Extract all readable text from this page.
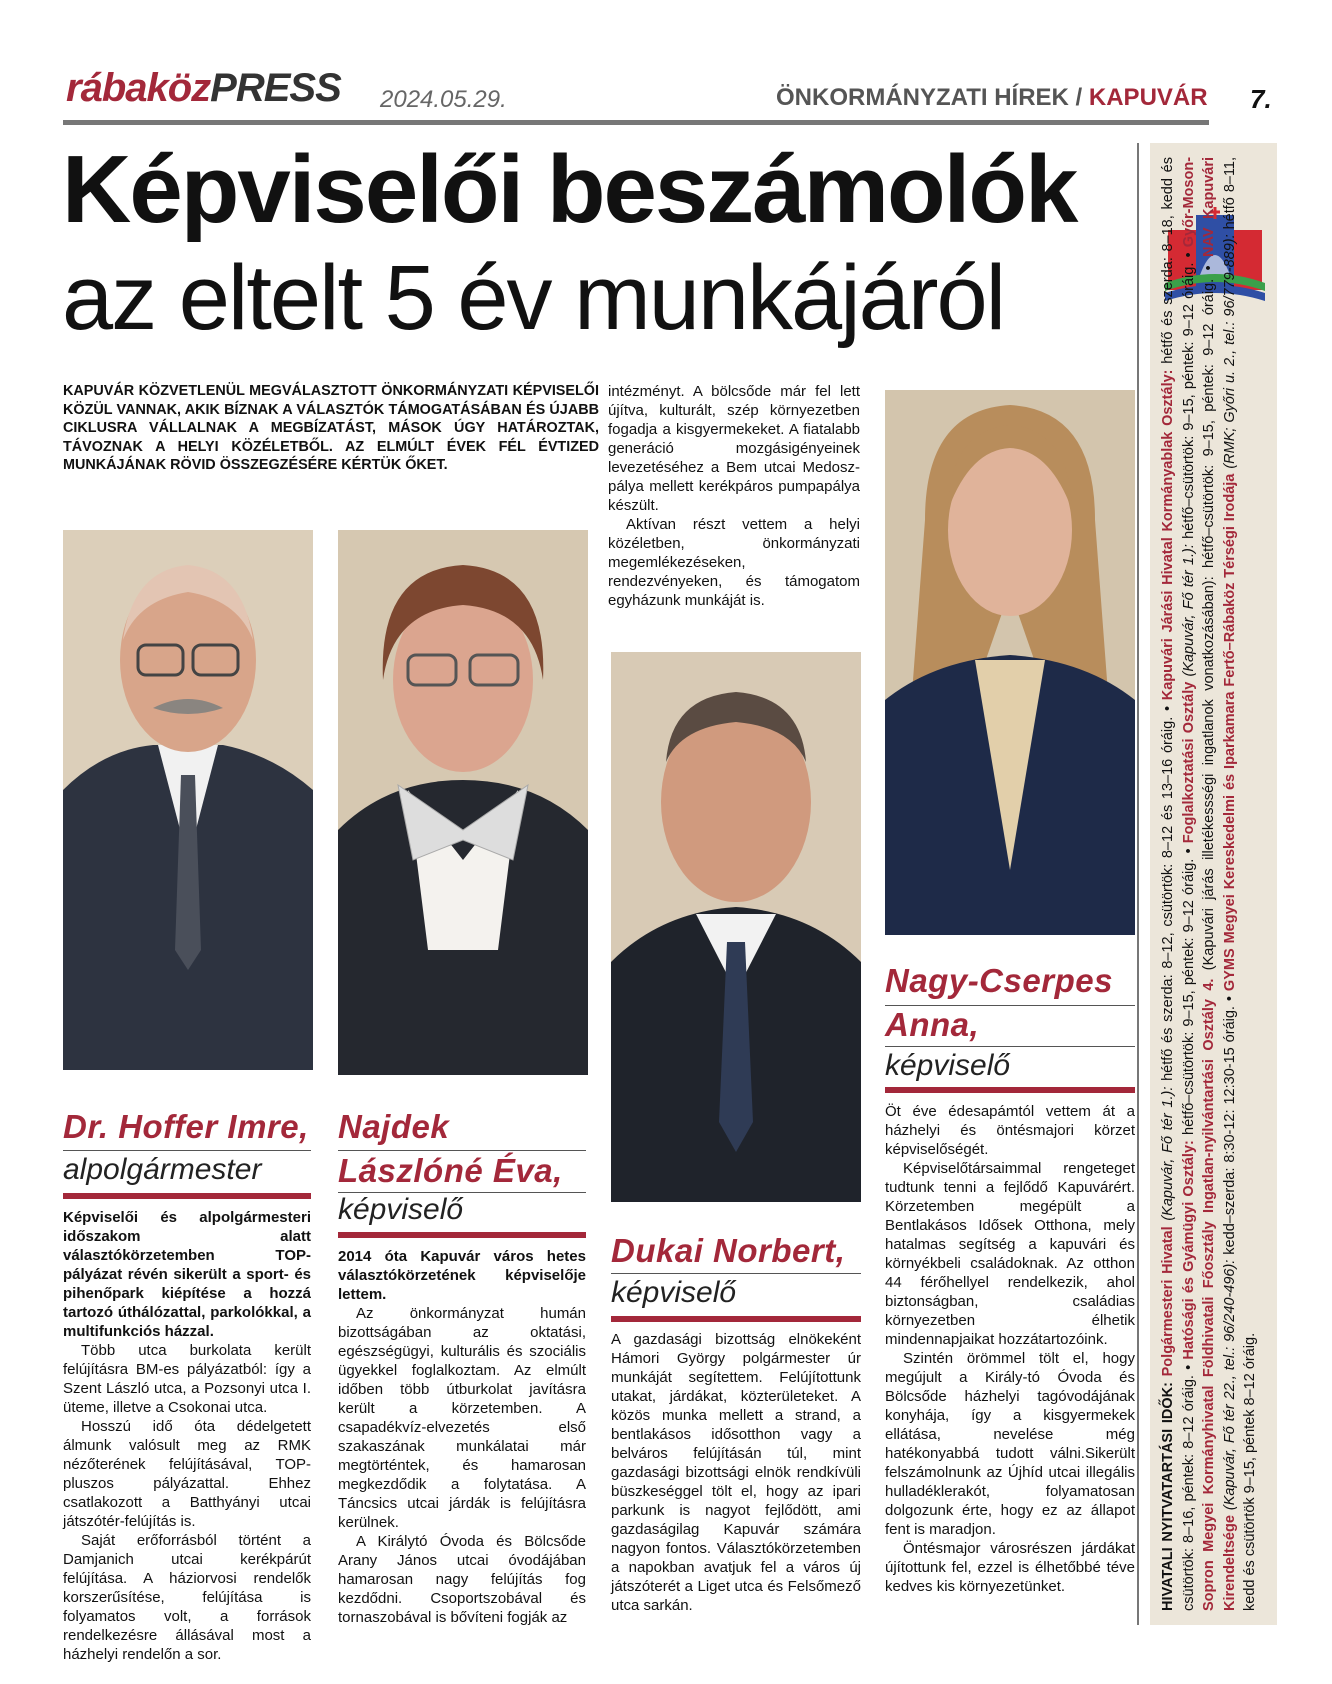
rábaközPRESS 2024.05.29.	ÖNKORMÁNYZATI HÍREK / KAPUVÁR 7.
Képviselői beszámolók
az eltelt 5 év munkájáról
KAPUVÁR KÖZVETLENÜL MEGVÁLASZTOTT ÖNKORMÁNYZATI KÉPVISELŐI KÖZÜL VANNAK, AKIK BÍZNAK A VÁLASZTÓK TÁMOGATÁSÁBAN ÉS ÚJABB CIKLUSRA VÁLLALNAK A MEGBÍZATÁST, MÁSOK ÚGY HATÁROZTAK, TÁVOZNAK A HELYI KÖZÉLETBŐL. AZ ELMÚLT ÉVEK FÉL ÉVTIZED MUNKÁJÁNAK RÖVID ÖSSZEGZÉSÉRE KÉRTÜK ŐKET.

intézményt. A bölcsőde már fel lett újítva, kulturált, szép környezetben fogadja a kisgyermekeket. A fiatalabb generáció mozgásigényeinek levezetéséhez a Bem utcai Medosz-pálya mellett kerékpáros pumpapálya készült.

Aktívan részt vettem a helyi közéletben, önkormányzati megemlékezéseken, rendezvényeken, és támogatom egyházunk munkáját is.

Dr. Hoffer Imre,
alpolgármester

Képviselői és alpolgármesteri időszakom alatt választókörzetemben TOP-pályázat révén sikerült a sport- és pihenőpark kiépítése a hozzá tartozó úthálózattal, parkolókkal, a multifunkciós házzal.

Több utca burkolata került felújításra BM-es pályázatból: így a Szent László utca, a Pozsonyi utca I. üteme, illetve a Csokonai utca.

Hosszú idő óta dédelgetett álmunk valósult meg az RMK nézőterének felújításával, TOP-pluszos pályázattal. Ehhez csatlakozott a Batthyányi utcai játszótér-felújítás is.

Saját erőforrásból történt a Damjanich utcai kerékpárút felújítása. A háziorvosi rendelők korszerűsítése, felújítása is folyamatos volt, a források rendelkezésre állásával most a házhelyi rendelőn a sor.

Najdek
Lászlóné Éva,
képviselő

2014 óta Kapuvár város hetes választókörzetének képviselője lettem.

Az önkormányzat humán bizottságában az oktatási, egészségügyi, kulturális és szociális ügyekkel foglalkoztam. Az elmúlt időben több útburkolat javításra került a körzetemben. A csapadékvíz-elvezetés első szakaszának munkálatai már megtörténtek, és hamarosan megkezdődik a folytatása. A Táncsics utcai járdák is felújításra kerülnek.

A Királytó Óvoda és Bölcsőde Arany János utcai óvodájában hamarosan nagy felújítás fog kezdődni. Csoportszobával és tornaszobával is bővíteni fogják az

Dukai Norbert,
képviselő

A gazdasági bizottság elnökeként Hámori György polgármester úr munkáját segítettem. Felújítottunk utakat, járdákat, közterületeket. A közös munka mellett a strand, a bentlakásos idősotthon vagy a belváros felújításán túl, mint gazdasági bizottsági elnök rendkívüli büszkeséggel tölt el, hogy az ipari parkunk is nagyot fejlődött, ami gazdaságilag Kapuvár számára nagyon fontos. Választókörzetemben a napokban avatjuk fel a város új játszóterét a Liget utca és Felsőmező utca sarkán.

Nagy-Cserpes
Anna,
képviselő

Öt éve édesapámtól vettem át a házhelyi és öntésmajori körzet képviselőségét.

Képviselőtársaimmal rengeteget tudtunk tenni a fejlődő Kapuvárért. Körzetemben megépült a Bentlakásos Idősek Otthona, mely hatalmas segítség a kapuvári és környékbeli családoknak. Az otthon 44 férőhellyel rendelkezik, ahol biztonságban, családias környezetben élhetik mindennapjaikat hozzátartozóink.

Szintén örömmel tölt el, hogy megújult a Király-tó Óvoda és Bölcsőde házhelyi tagóvodájának konyhája, így a kisgyermekek ellátása, nevelése még hatékonyabbá tudott válni.Sikerült felszámolnunk az Újhíd utcai illegális hulladéklerakót, folyamatosan dolgozunk érte, hogy ez az állapot fent is maradjon.

Öntésmajor városrészen járdákat újítottunk fel, ezzel is élhetőbbé téve kedves kis környezetünket.	HIVATALI NYITVATARTÁSI IDŐK: Polgármesteri Hivatal (Kapuvár, Fő tér 1.): hétfő és szerda: 8–12, csütörtök: 8–12 és 13–16 óráig. • Kapuvári Járási Hivatal Kormányablak Osztály: hétfő és szerda: 8–18, kedd és csütörtök: 8–16, péntek: 8–12 óráig. • Hatósági és Gyámügyi Osztály: hétfő–csütörtök: 9–15, péntek: 9–12 óráig. • Foglalkoztatási Osztály (Kapuvár, Fő tér 1.): hétfő–csütörtök: 9–15, péntek: 9–12 óráig. • Győr-Moson-Sopron Megyei Kormányhivatal Földhivatali Főosztály Ingatlan-nyilvántartási Osztály 4. (Kapuvári járás illetékessségi ingatlanok vonatkozásában): hétfő–csütörtök: 9–15, péntek: 9–12 óráig. • NAV Kapuvári Kirendeltsége (Kapuvár, Fő tér 22., tel.: 96/240-496): kedd–szerda: 8:30-12: 12:30-15 óráig. • GYMS Megyei Kereskedelmi és Iparkamara Fertő–Rábaköz Térségi Irodája (RMK; Győri u. 2., tel.: 96/779-889): hétfő 8–11, kedd és csütörtök 9–15, péntek 8–12 óráig.
